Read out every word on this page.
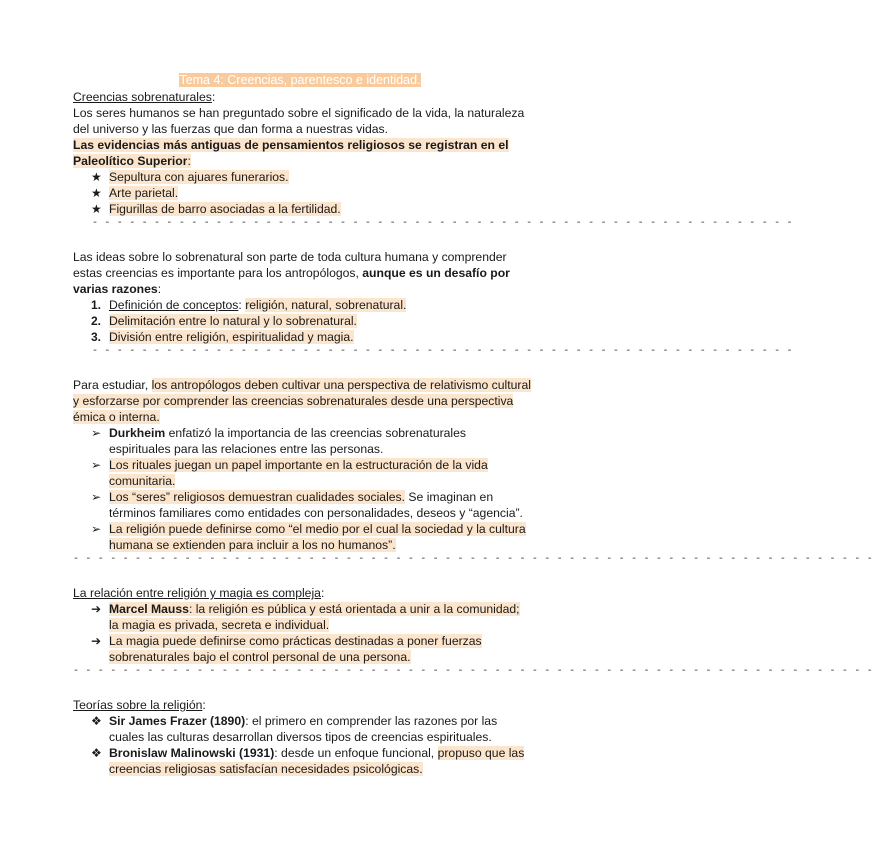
Tema 4: Creencias, parentesco e identidad.
Creencias sobrenaturales:
Los seres humanos se han preguntado sobre el significado de la vida, la naturaleza
del universo y las fuerzas que dan forma a nuestras vidas.
Las evidencias más antiguas de pensamientos religiosos se registran en el
Paleolítico Superior:
★ Sepultura con ajuares funerarios.
★ Arte parietal.
★ Figurillas de barro asociadas a la fertilidad.
- - - - - - - - - - - - - - - - - - - - - - - - - - - - - - - - - - - - - - - - - - - - - - - - - - - - - - - - -
Las ideas sobre lo sobrenatural son parte de toda cultura humana y comprender
estas creencias es importante para los antropólogos, aunque es un desafío por
varias razones:
1. Definición de conceptos: religión, natural, sobrenatural.
2. Delimitación entre lo natural y lo sobrenatural.
3. División entre religión, espiritualidad y magia.
- - - - - - - - - - - - - - - - - - - - - - - - - - - - - - - - - - - - - - - - - - - - - - - - - - - - - - - - -
Para estudiar, los antropólogos deben cultivar una perspectiva de relativismo cultural
y esforzarse por comprender las creencias sobrenaturales desde una perspectiva
émica o interna.
➢ Durkheim enfatizó la importancia de las creencias sobrenaturales
espirituales para las relaciones entre las personas.
➢ Los rituales juegan un papel importante en la estructuración de la vida
comunitaria.
➢ Los “seres” religiosos demuestran cualidades sociales. Se imaginan en
términos familiares como entidades con personalidades, deseos y “agencia”.
➢ La religión puede definirse como “el medio por el cual la sociedad y la cultura
humana se extienden para incluir a los no humanos”.
- - - - - - - - - - - - - - - - - - - - - - - - - - - - - - - - - - - - - - - - - - - - - - - - - - - - - - - - - - - - - - - - -
La relación entre religión y magia es compleja:
➔ Marcel Mauss: la religión es pública y está orientada a unir a la comunidad;
la magia es privada, secreta e individual.
➔ La magia puede definirse como prácticas destinadas a poner fuerzas
sobrenaturales bajo el control personal de una persona.
- - - - - - - - - - - - - - - - - - - - - - - - - - - - - - - - - - - - - - - - - - - - - - - - - - - - - - - - - - - - - - - - -
Teorías sobre la religión:
❖ Sir James Frazer (1890): el primero en comprender las razones por las
cuales las culturas desarrollan diversos tipos de creencias espirituales.
❖ Bronislaw Malinowski (1931): desde un enfoque funcional, propuso que las
creencias religiosas satisfacían necesidades psicológicas.
